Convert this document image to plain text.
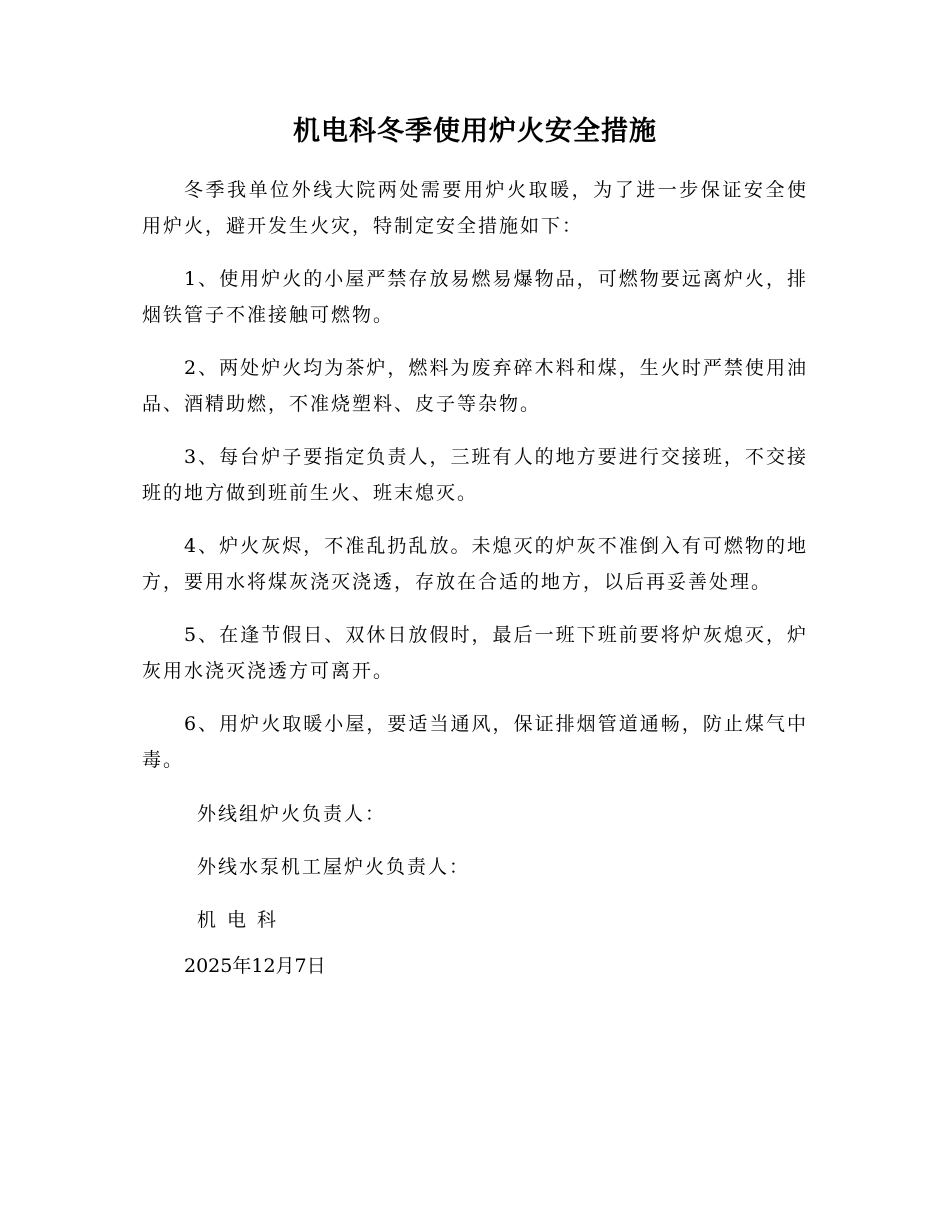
机电科冬季使用炉火安全措施

冬季我单位外线大院两处需要用炉火取暖，为了进一步保证安全使用炉火，避开发生火灾，特制定安全措施如下：

1、使用炉火的小屋严禁存放易燃易爆物品，可燃物要远离炉火，排烟铁管子不准接触可燃物。

2、两处炉火均为茶炉，燃料为废弃碎木料和煤，生火时严禁使用油品、酒精助燃，不准烧塑料、皮子等杂物。

3、每台炉子要指定负责人，三班有人的地方要进行交接班，不交接班的地方做到班前生火、班末熄灭。

4、炉火灰烬，不准乱扔乱放。未熄灭的炉灰不准倒入有可燃物的地方，要用水将煤灰浇灭浇透，存放在合适的地方，以后再妥善处理。

5、在逢节假日、双休日放假时，最后一班下班前要将炉灰熄灭，炉灰用水浇灭浇透方可离开。

6、用炉火取暖小屋，要适当通风，保证排烟管道通畅，防止煤气中毒。

外线组炉火负责人：

外线水泵机工屋炉火负责人：

机电科

2025年12月7日
